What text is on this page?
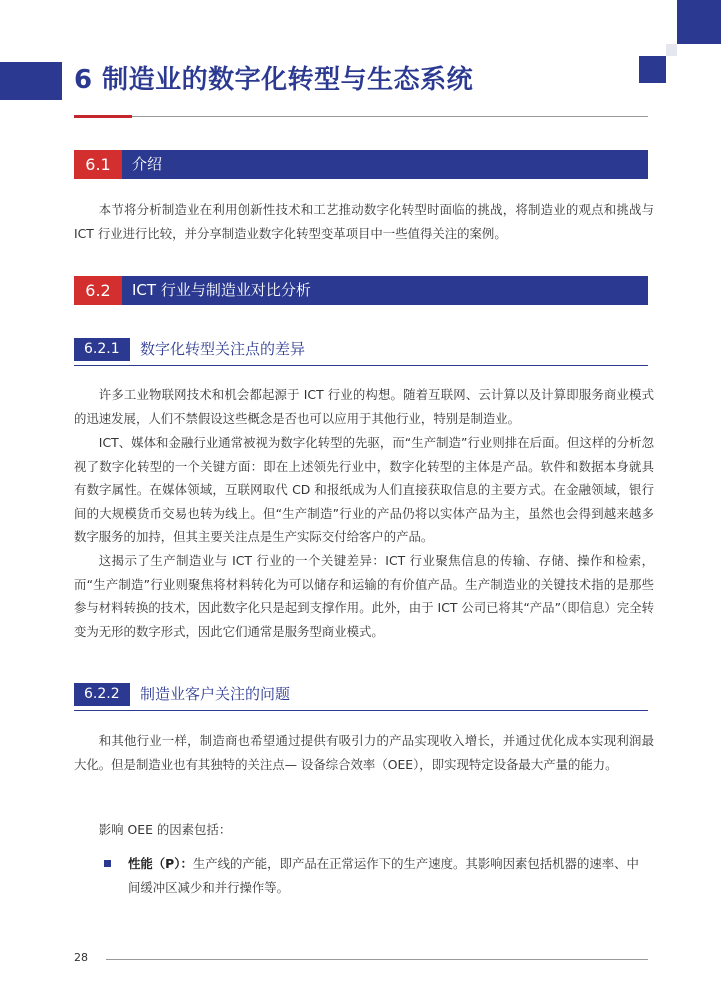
6 制造业的数字化转型与生态系统
6.1	介绍

本节将分析制造业在利用创新性技术和工艺推动数字化转型时面临的挑战，将制造业的观点和挑战与 ICT 行业进行比较，并分享制造业数字化转型变革项目中一些值得关注的案例。

6.2	ICT 行业与制造业对比分析
6.2.1	数字化转型关注点的差异

许多工业物联网技术和机会都起源于 ICT 行业的构想。随着互联网、云计算以及计算即服务商业模式的迅速发展，人们不禁假设这些概念是否也可以应用于其他行业，特别是制造业。

ICT、媒体和金融行业通常被视为数字化转型的先驱，而“生产制造”行业则排在后面。但这样的分析忽视了数字化转型的一个关键方面：即在上述领先行业中，数字化转型的主体是产品。软件和数据本身就具有数字属性。在媒体领域，互联网取代 CD 和报纸成为人们直接获取信息的主要方式。在金融领域，银行间的大规模货币交易也转为线上。但“生产制造”行业的产品仍将以实体产品为主，虽然也会得到越来越多数字服务的加持，但其主要关注点是生产实际交付给客户的产品。

这揭示了生产制造业与 ICT 行业的一个关键差异：ICT 行业聚焦信息的传输、存储、操作和检索，而“生产制造”行业则聚焦将材料转化为可以储存和运输的有价值产品。生产制造业的关键技术指的是那些参与材料转换的技术，因此数字化只是起到支撑作用。此外，由于 ICT 公司已将其“产品”（即信息）完全转变为无形的数字形式，因此它们通常是服务型商业模式。

6.2.2	制造业客户关注的问题

和其他行业一样，制造商也希望通过提供有吸引力的产品实现收入增长，并通过优化成本实现利润最大化。但是制造业也有其独特的关注点— 设备综合效率（OEE），即实现特定设备最大产量的能力。

影响 OEE 的因素包括：

性能（P）：生产线的产能，即产品在正常运作下的生产速度。其影响因素包括机器的速率、中间缓冲区减少和并行操作等。
28
